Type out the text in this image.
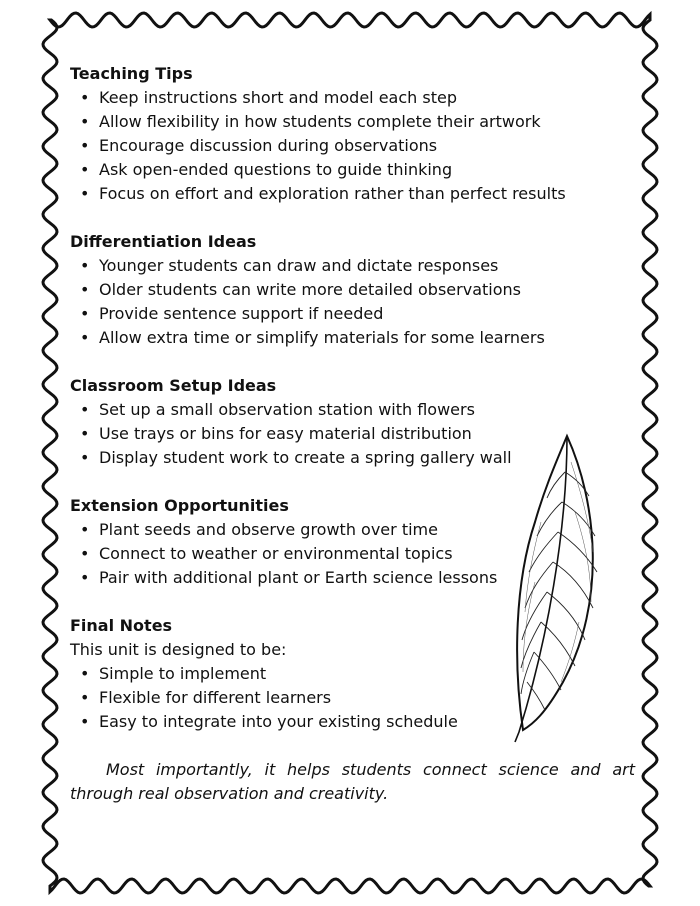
Teaching Tips
• Keep instructions short and model each step
• Allow flexibility in how students complete their artwork
• Encourage discussion during observations
• Ask open-ended questions to guide thinking
• Focus on effort and exploration rather than perfect results
Differentiation Ideas
• Younger students can draw and dictate responses
• Older students can write more detailed observations
• Provide sentence support if needed
• Allow extra time or simplify materials for some learners
Classroom Setup Ideas
• Set up a small observation station with flowers
• Use trays or bins for easy material distribution
• Display student work to create a spring gallery wall
Extension Opportunities
• Plant seeds and observe growth over time
• Connect to weather or environmental topics
• Pair with additional plant or Earth science lessons
Final Notes

This unit is designed to be:

• Simple to implement
• Flexible for different learners
• Easy to integrate into your existing schedule

Most importantly, it helps students connect science and art through real observation and creativity.
